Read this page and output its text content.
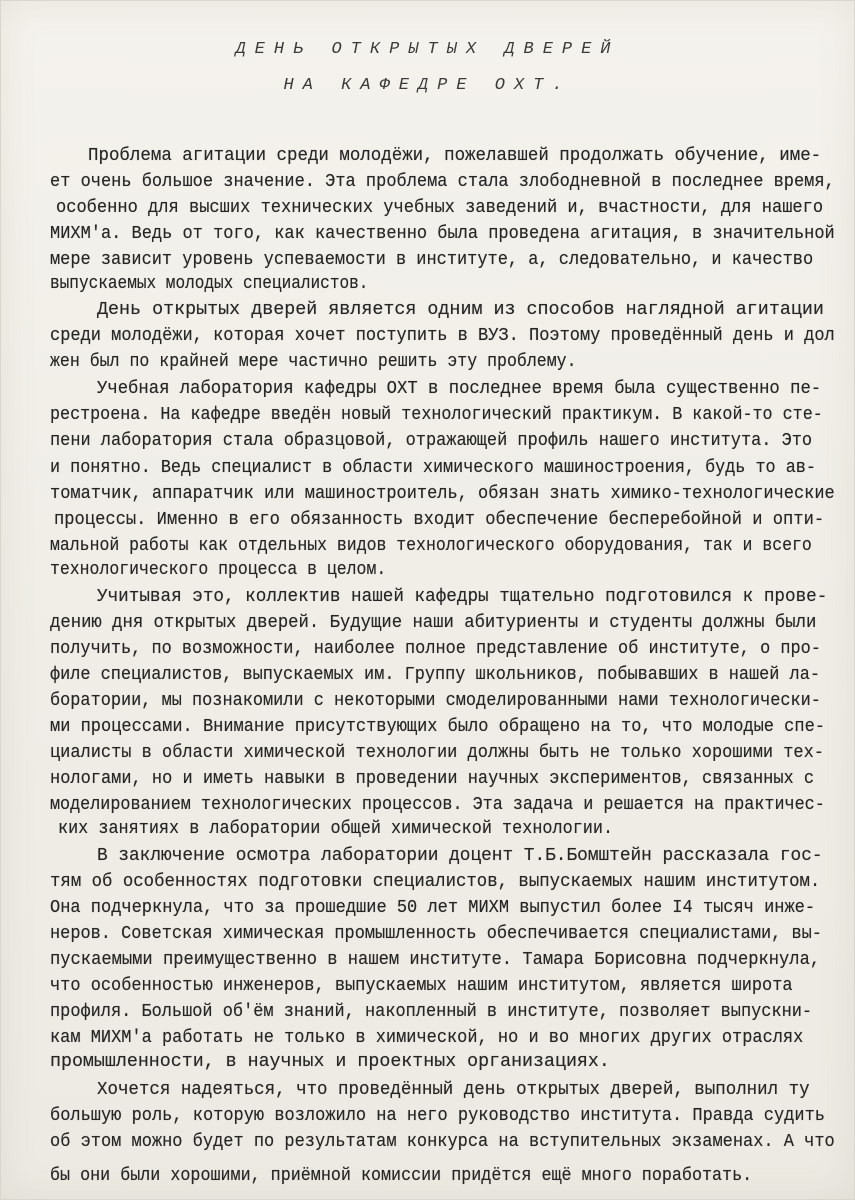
ДЕНЬ ОТКРЫТЫХ ДВЕРЕЙ
НА КАФЕДРЕ ОХТ.
Проблема агитации среди молодёжи, пожелавшей продолжать обучение, име-
ет очень большое значение. Эта проблема стала злободневной в последнее время,
особенно для высших технических учебных заведений и, вчастности, для нашего
МИХМ'а. Ведь от того, как качественно была проведена агитация, в значительной
мере зависит уровень успеваемости в институте, а, следовательно, и качество
выпускаемых молодых специалистов.
День открытых дверей является одним из способов наглядной агитации
среди молодёжи, которая хочет поступить в ВУЗ. Поэтому проведённый день и дол
жен был по крайней мере частично решить эту проблему.
Учебная лаборатория кафедры ОХТ в последнее время была существенно пе-
рестроена. На кафедре введён новый технологический практикум. В какой-то сте-
пени лаборатория стала образцовой, отражающей профиль нашего института. Это
и понятно. Ведь специалист в области химического машиностроения, будь то ав-
томатчик, аппаратчик или машиностроитель, обязан знать химико-технологические
процессы. Именно в его обязанность входит обеспечение бесперебойной и опти-
мальной работы как отдельных видов технологического оборудования, так и всего
технологического процесса в целом.
Учитывая это, коллектив нашей кафедры тщательно подготовился к прове-
дению дня открытых дверей. Будущие наши абитуриенты и студенты должны были
получить, по возможности, наиболее полное представление об институте, о про-
филе специалистов, выпускаемых им. Группу школьников, побывавших в нашей ла-
боратории, мы познакомили с некоторыми смоделированными нами технологически-
ми процессами. Внимание присутствующих было обращено на то, что молодые спе-
циалисты в области химической технологии должны быть не только хорошими тех-
нологами, но и иметь навыки в проведении научных экспериментов, связанных с
моделированием технологических процессов. Эта задача и решается на практичес-
ких занятиях в лаборатории общей химической технологии.
В заключение осмотра лаборатории доцент Т.Б.Бомштейн рассказала гос-
тям об особенностях подготовки специалистов, выпускаемых нашим институтом.
Она подчеркнула, что за прошедшие 50 лет МИХМ выпустил более I4 тысяч инже-
неров. Советская химическая промышленность обеспечивается специалистами, вы-
пускаемыми преимущественно в нашем институте. Тамара Борисовна подчеркнула,
что особенностью инженеров, выпускаемых нашим институтом, является широта
профиля. Большой об'ём знаний, накопленный в институте, позволяет выпускни-
кам МИХМ'а работать не только в химической, но и во многих других отраслях
промышленности, в научных и проектных организациях.
Хочется надеяться, что проведённый день открытых дверей, выполнил ту
большую роль, которую возложило на него руководство института. Правда судить
об этом можно будет по результатам конкурса на вступительных экзаменах. А что
бы они были хорошими, приёмной комиссии придётся ещё много поработать.
